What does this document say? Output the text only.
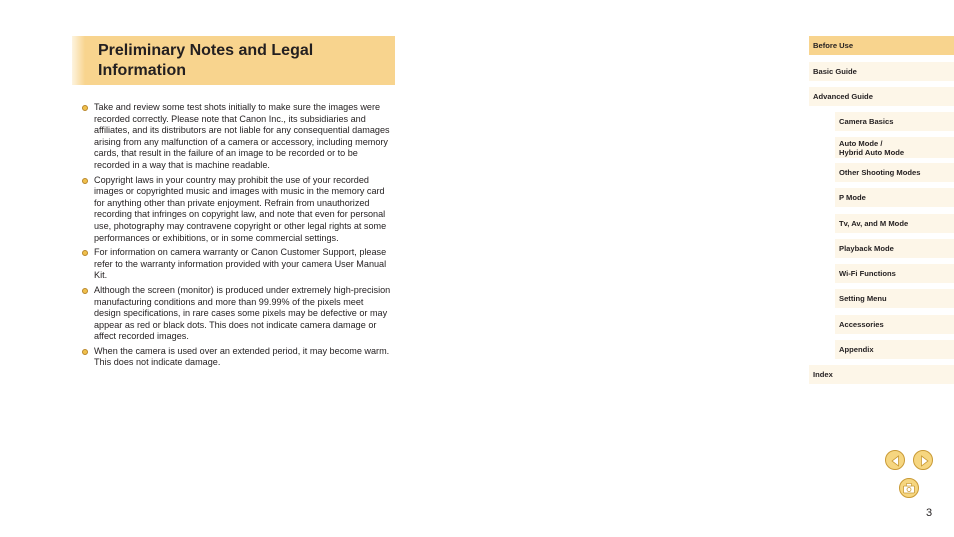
Preliminary Notes and Legal Information
Take and review some test shots initially to make sure the images were recorded correctly. Please note that Canon Inc., its subsidiaries and affiliates, and its distributors are not liable for any consequential damages arising from any malfunction of a camera or accessory, including memory cards, that result in the failure of an image to be recorded or to be recorded in a way that is machine readable.
Copyright laws in your country may prohibit the use of your recorded images or copyrighted music and images with music in the memory card for anything other than private enjoyment. Refrain from unauthorized recording that infringes on copyright law, and note that even for personal use, photography may contravene copyright or other legal rights at some performances or exhibitions, or in some commercial settings.
For information on camera warranty or Canon Customer Support, please refer to the warranty information provided with your camera User Manual Kit.
Although the screen (monitor) is produced under extremely high-precision manufacturing conditions and more than 99.99% of the pixels meet design specifications, in rare cases some pixels may be defective or may appear as red or black dots. This does not indicate camera damage or affect recorded images.
When the camera is used over an extended period, it may become warm. This does not indicate damage.
Before Use
Basic Guide
Advanced Guide
Camera Basics
Auto Mode /
Hybrid Auto Mode
Other Shooting Modes
P Mode
Tv, Av, and M Mode
Playback Mode
Wi-Fi Functions
Setting Menu
Accessories
Appendix
Index
3
